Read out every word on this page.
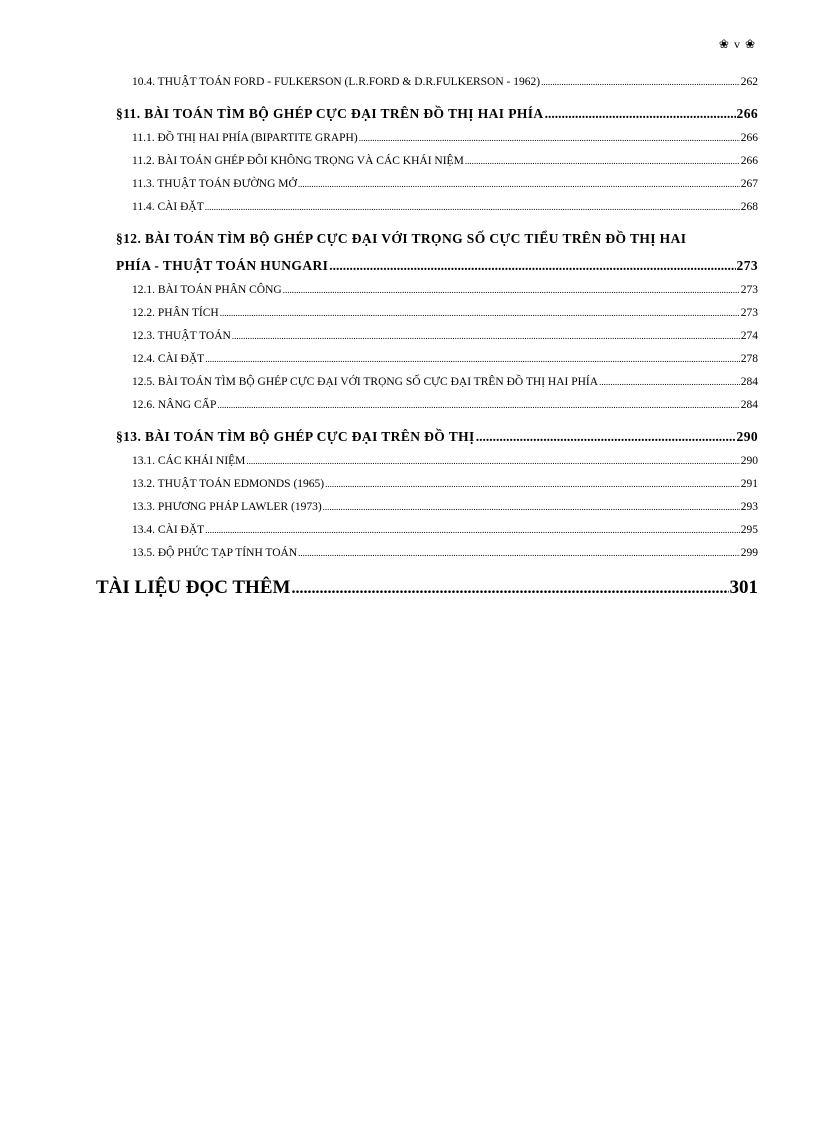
❀ v ❀
10.4. THUẬT TOÁN FORD - FULKERSON (L.R.FORD & D.R.FULKERSON - 1962) .....	262
§11. BÀI TOÁN TÌM BỘ GHÉP CỰC ĐẠI TRÊN ĐỒ THỊ HAI PHÍA .....	266
11.1. ĐỒ THỊ HAI PHÍA (BIPARTITE GRAPH) .....	266
11.2. BÀI TOÁN GHÉP ĐÔI KHÔNG TRỌNG VÀ CÁC KHÁI NIỆM .....	266
11.3. THUẬT TOÁN ĐƯỜNG MỞ .....	267
11.4. CÀI ĐẶT .....	268
§12. BÀI TOÁN TÌM BỘ GHÉP CỰC ĐẠI VỚI TRỌNG SỐ CỰC TIỂU TRÊN ĐỒ THỊ HAI
PHÍA - THUẬT TOÁN HUNGARI .....	273
12.1. BÀI TOÁN PHÂN CÔNG .....	273
12.2. PHÂN TÍCH .....	273
12.3. THUẬT TOÁN .....	274
12.4. CÀI ĐẶT .....	278
12.5. BÀI TOÁN TÌM BỘ GHÉP CỰC ĐẠI VỚI TRỌNG SỐ CỰC ĐẠI TRÊN ĐỒ THỊ HAI PHÍA .....	284
12.6. NÂNG CẤP .....	284
§13. BÀI TOÁN TÌM BỘ GHÉP CỰC ĐẠI TRÊN ĐỒ THỊ .....	290
13.1. CÁC KHÁI NIỆM .....	290
13.2. THUẬT TOÁN EDMONDS (1965) .....	291
13.3. PHƯƠNG PHÁP LAWLER (1973) .....	293
13.4. CÀI ĐẶT .....	295
13.5. ĐỘ PHỨC TẠP TÍNH TOÁN .....	299
TÀI LIỆU ĐỌC THÊM .....	301
